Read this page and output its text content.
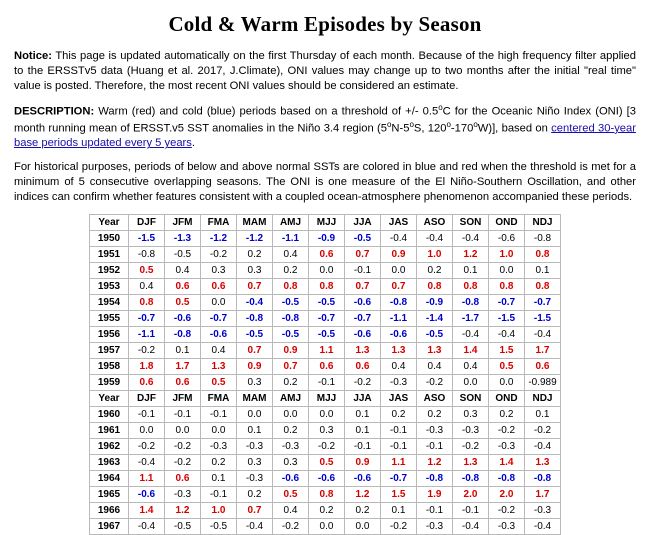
Cold & Warm Episodes by Season

Notice: This page is updated automatically on the first Thursday of each month. Because of the high frequency filter applied to the ERSSTv5 data (Huang et al. 2017, J.Climate), ONI values may change up to two months after the initial "real time" value is posted. Therefore, the most recent ONI values should be considered an estimate.

DESCRIPTION: Warm (red) and cold (blue) periods based on a threshold of +/- 0.5$^o$C for the Oceanic Niño Index (ONI) [3 month running mean of ERSST.v5 SST anomalies in the Niño 3.4 region (5$^o$N-5$^o$S, 120$^o$-170$^o$W)], based on centered 30-year base periods updated every 5 years.

For historical purposes, periods of below and above normal SSTs are colored in blue and red when the threshold is met for a minimum of 5 consecutive overlapping seasons. The ONI is one measure of the El Niño-Southern Oscillation, and other indices can confirm whether features consistent with a coupled ocean-atmosphere phenomenon accompanied these periods.

Year	DJF	JFM	FMA	MAM	AMJ	MJJ	JJA	JAS	ASO	SON	OND	NDJ
1950	-1.5	-1.3	-1.2	-1.2	-1.1	-0.9	-0.5	-0.4	-0.4	-0.4	-0.6	-0.8
1951	-0.8	-0.5	-0.2	0.2	0.4	0.6	0.7	0.9	1.0	1.2	1.0	0.8
1952	0.5	0.4	0.3	0.3	0.2	0.0	-0.1	0.0	0.2	0.1	0.0	0.1
1953	0.4	0.6	0.6	0.7	0.8	0.8	0.7	0.7	0.8	0.8	0.8	0.8
1954	0.8	0.5	0.0	-0.4	-0.5	-0.5	-0.6	-0.8	-0.9	-0.8	-0.7	-0.7
1955	-0.7	-0.6	-0.7	-0.8	-0.8	-0.7	-0.7	-1.1	-1.4	-1.7	-1.5	-1.5
1956	-1.1	-0.8	-0.6	-0.5	-0.5	-0.5	-0.6	-0.6	-0.5	-0.4	-0.4	-0.4
1957	-0.2	0.1	0.4	0.7	0.9	1.1	1.3	1.3	1.3	1.4	1.5	1.7
1958	1.8	1.7	1.3	0.9	0.7	0.6	0.6	0.4	0.4	0.4	0.5	0.6
1959	0.6	0.6	0.5	0.3	0.2	-0.1	-0.2	-0.3	-0.2	0.0	0.0	-0.989
Year	DJF	JFM	FMA	MAM	AMJ	MJJ	JJA	JAS	ASO	SON	OND	NDJ
1960	-0.1	-0.1	-0.1	0.0	0.0	0.0	0.1	0.2	0.2	0.3	0.2	0.1
1961	0.0	0.0	0.0	0.1	0.2	0.3	0.1	-0.1	-0.3	-0.3	-0.2	-0.2
1962	-0.2	-0.2	-0.3	-0.3	-0.3	-0.2	-0.1	-0.1	-0.1	-0.2	-0.3	-0.4
1963	-0.4	-0.2	0.2	0.3	0.3	0.5	0.9	1.1	1.2	1.3	1.4	1.3
1964	1.1	0.6	0.1	-0.3	-0.6	-0.6	-0.6	-0.7	-0.8	-0.8	-0.8	-0.8
1965	-0.6	-0.3	-0.1	0.2	0.5	0.8	1.2	1.5	1.9	2.0	2.0	1.7
1966	1.4	1.2	1.0	0.7	0.4	0.2	0.2	0.1	-0.1	-0.1	-0.2	-0.3
1967	-0.4	-0.5	-0.5	-0.4	-0.2	0.0	0.0	-0.2	-0.3	-0.4	-0.3	-0.4
